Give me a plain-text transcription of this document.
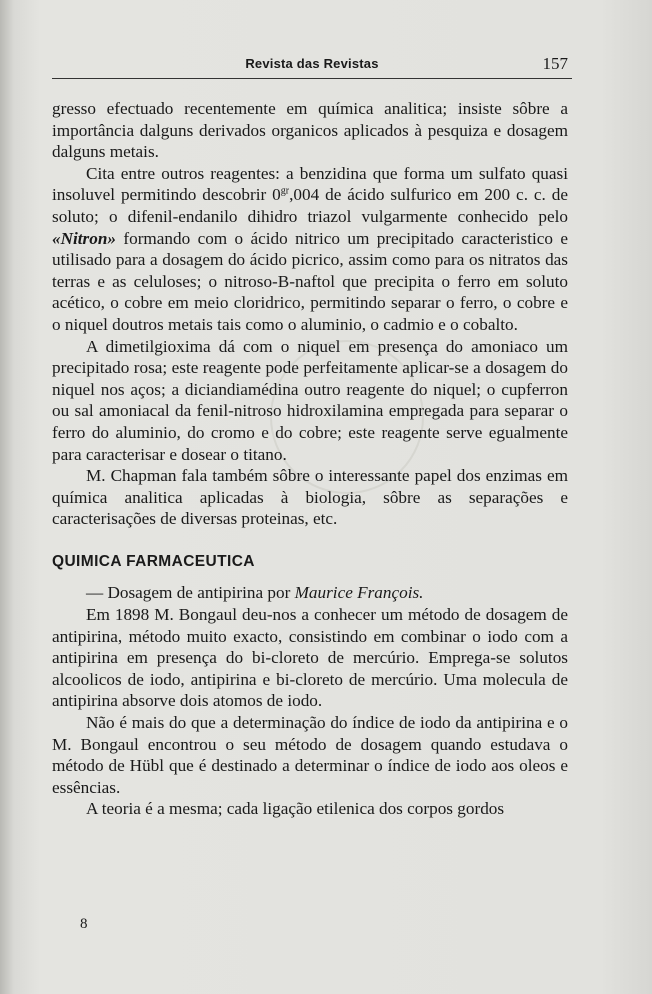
Revista das Revistas	157

gresso efectuado recentemente em química analitica; insiste sôbre a importância dalguns derivados organicos aplicados à pesquiza e dosagem dalguns metais.

Cita entre outros reagentes: a benzidina que forma um sulfato quasi insoluvel permitindo descobrir $0^{gr},004$ de ácido sulfurico em 200 c. c. de soluto; o difenil-endanilo dihidro triazol vulgarmente conhecido pelo «Nitron» formando com o ácido nitrico um precipitado caracteristico e utilisado para a dosagem do ácido picrico, assim como para os nitratos das terras e as celuloses; o nitroso-B-naftol que precipita o ferro em soluto acético, o cobre em meio cloridrico, permitindo separar o ferro, o cobre e o niquel doutros metais tais como o aluminio, o cadmio e o cobalto.

A dimetilgioxima dá com o niquel em presença do amoniaco um precipitado rosa; este reagente pode perfeitamente aplicar-se a dosagem do niquel nos aços; a diciandiamédina outro reagente do niquel; o cupferron ou sal amoniacal da fenil-nitroso hidroxilamina empregada para separar o ferro do aluminio, do cromo e do cobre; este reagente serve egualmente para caracterisar e dosear o titano.

M. Chapman fala também sôbre o interessante papel dos enzimas em química analitica aplicadas à biologia, sôbre as separações e caracterisações de diversas proteinas, etc.

QUIMICA FARMACEUTICA

— Dosagem de antipirina por Maurice François.

Em 1898 M. Bongaul deu-nos a conhecer um método de dosagem de antipirina, método muito exacto, consistindo em combinar o iodo com a antipirina em presença do bi-cloreto de mercúrio. Emprega-se solutos alcoolicos de iodo, antipirina e bi-cloreto de mercúrio. Uma molecula de antipirina absorve dois atomos de iodo.

Não é mais do que a determinação do índice de iodo da antipirina e o M. Bongaul encontrou o seu método de dosagem quando estudava o método de Hübl que é destinado a determinar o índice de iodo aos oleos e essências.

A teoria é a mesma; cada ligação etilenica dos corpos gordos

8
